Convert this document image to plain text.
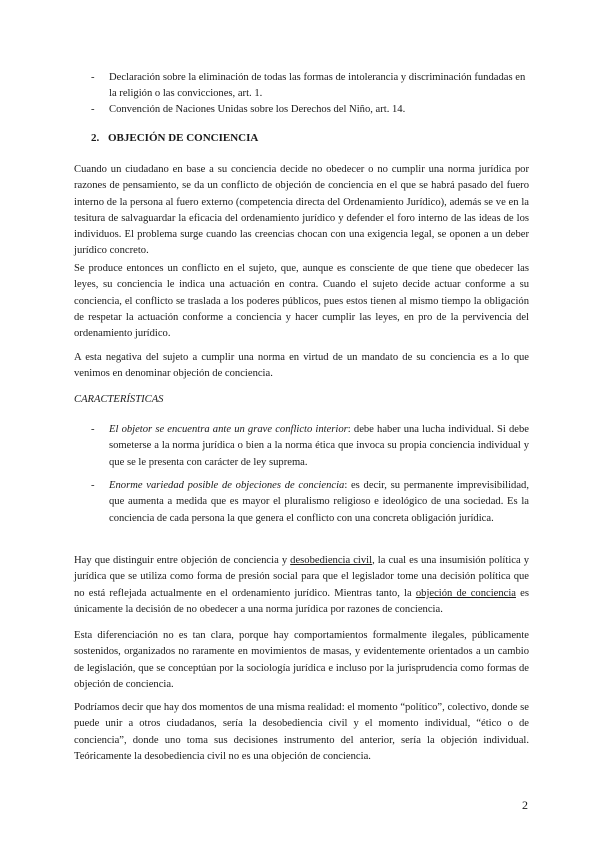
- Declaración sobre la eliminación de todas las formas de intolerancia y discriminación fundadas en la religión o las convicciones, art. 1.

- Convención de Naciones Unidas sobre los Derechos del Niño, art. 14.

2. OBJECIÓN DE CONCIENCIA

Cuando un ciudadano en base a su conciencia decide no obedecer o no cumplir una norma jurídica por razones de pensamiento, se da un conflicto de objeción de conciencia en el que se habrá pasado del fuero interno de la persona al fuero externo (competencia directa del Ordenamiento Jurídico), además se ve en la tesitura de salvaguardar la eficacia del ordenamiento jurídico y defender el foro interno de las ideas de los individuos. El problema surge cuando las creencias chocan con una exigencia legal, se oponen a un deber jurídico concreto.

Se produce entonces un conflicto en el sujeto, que, aunque es consciente de que tiene que obedecer las leyes, su conciencia le indica una actuación en contra. Cuando el sujeto decide actuar conforme a su conciencia, el conflicto se traslada a los poderes públicos, pues estos tienen al mismo tiempo la obligación de respetar la actuación conforme a conciencia y hacer cumplir las leyes, en pro de la pervivencia del ordenamiento jurídico.

A esta negativa del sujeto a cumplir una norma en virtud de un mandato de su conciencia es a lo que venimos en denominar objeción de conciencia.

CARACTERÍSTICAS
- El objetor se encuentra ante un grave conflicto interior: debe haber una lucha individual. Si debe someterse a la norma jurídica o bien a la norma ética que invoca su propia conciencia individual y que se le presenta con carácter de ley suprema.

- Enorme variedad posible de objeciones de conciencia: es decir, su permanente imprevisibilidad, que aumenta a medida que es mayor el pluralismo religioso e ideológico de una sociedad. Es la conciencia de cada persona la que genera el conflicto con una concreta obligación jurídica.

Hay que distinguir entre objeción de conciencia y desobediencia civil, la cual es una insumisión política y jurídica que se utiliza como forma de presión social para que el legislador tome una decisión política que no está reflejada actualmente en el ordenamiento jurídico. Mientras tanto, la objeción de conciencia es únicamente la decisión de no obedecer a una norma jurídica por razones de conciencia.

Esta diferenciación no es tan clara, porque hay comportamientos formalmente ilegales, públicamente sostenidos, organizados no raramente en movimientos de masas, y evidentemente orientados a un cambio de legislación, que se conceptúan por la sociología jurídica e incluso por la jurisprudencia como formas de objeción de conciencia.

Podríamos decir que hay dos momentos de una misma realidad: el momento “político”, colectivo, donde se puede unir a otros ciudadanos, sería la desobediencia civil y el momento individual, “ético o de conciencia”, donde uno toma sus decisiones instrumento del anterior, sería la objeción individual. Teóricamente la desobediencia civil no es una objeción de conciencia.

2
